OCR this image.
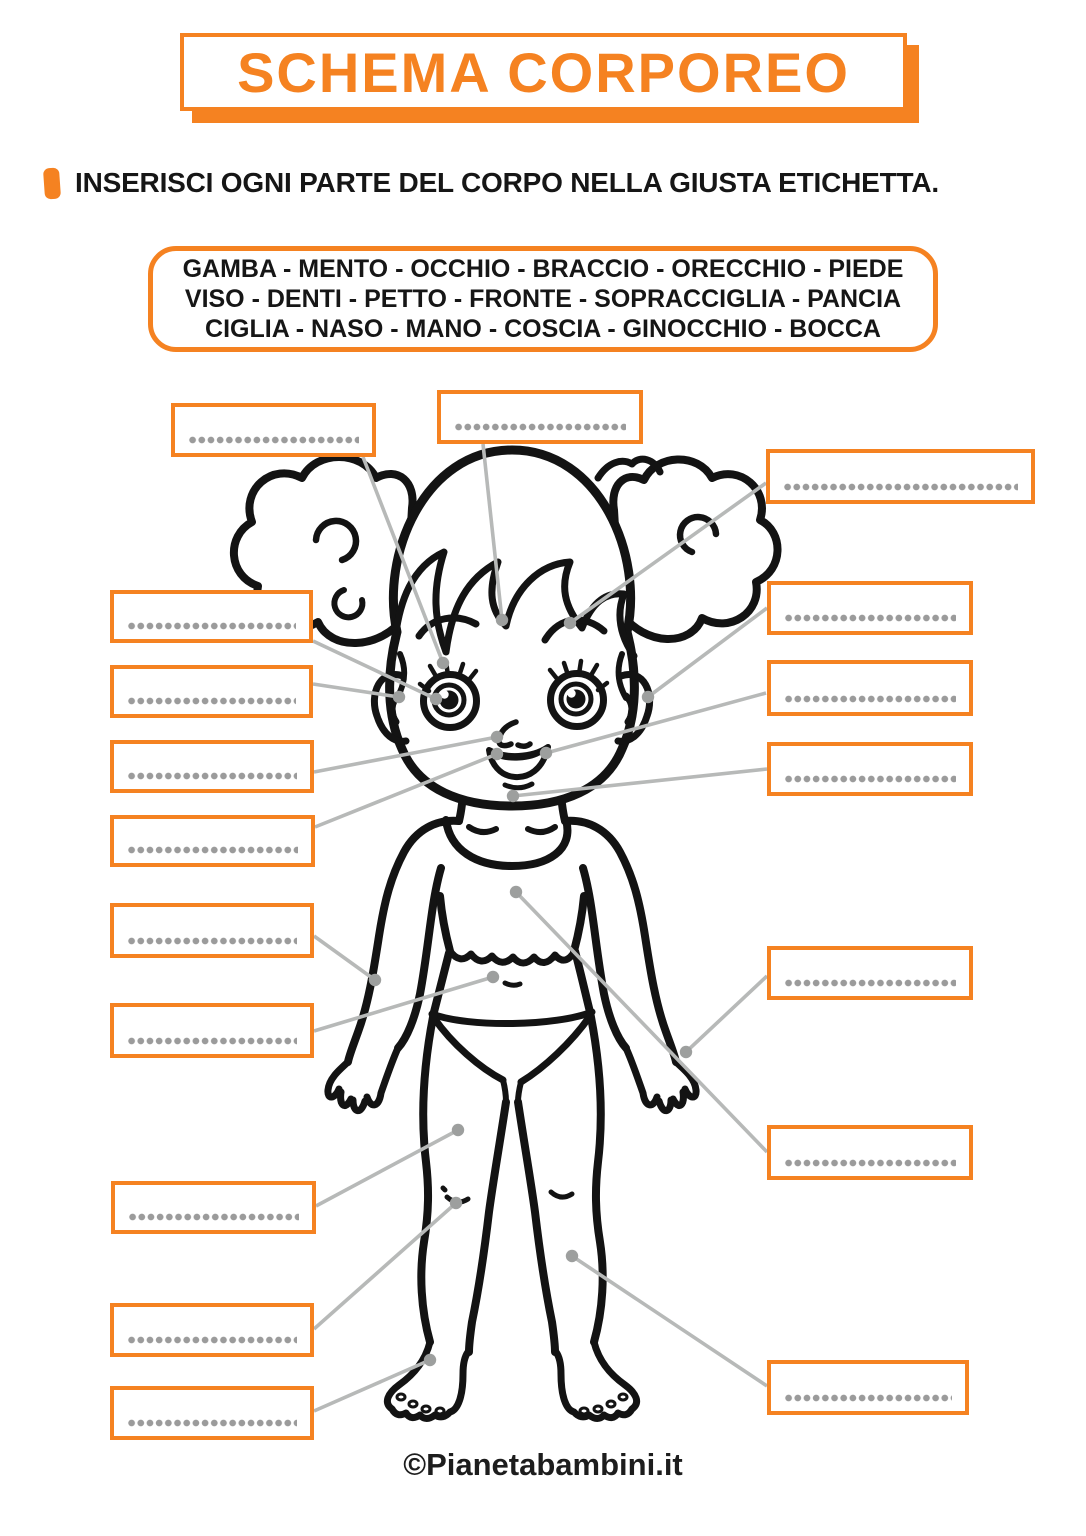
SCHEMA CORPOREO

INSERISCI OGNI PARTE DEL CORPO NELLA GIUSTA ETICHETTA.

GAMBA - MENTO - OCCHIO - BRACCIO - ORECCHIO - PIEDE
VISO - DENTI - PETTO - FRONTE - SOPRACCIGLIA - PANCIA
CIGLIA - NASO - MANO - COSCIA - GINOCCHIO - BOCCA
©Pianetabambini.it
